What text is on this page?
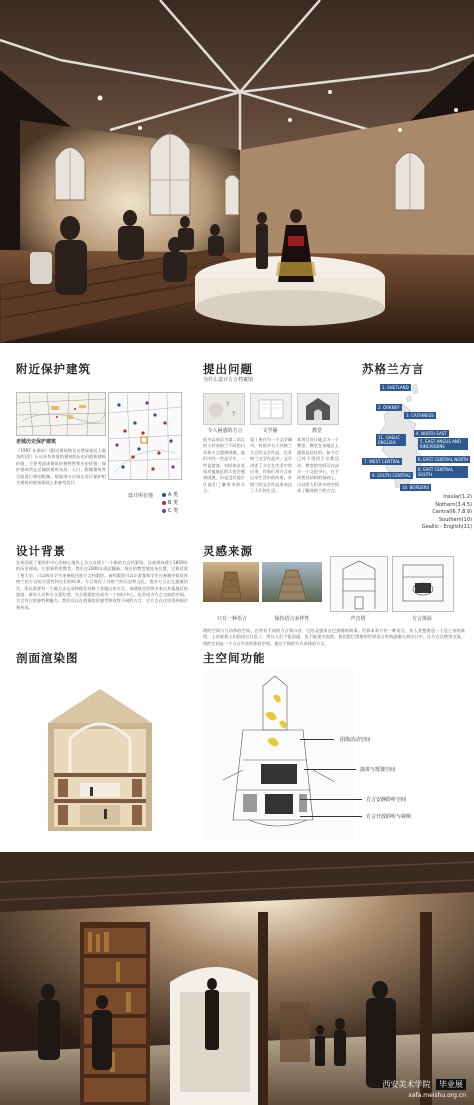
附近保护建筑
老城历史保护建筑
《1997 年颁布》(附近建筑物及自然保育区土地条约)法》认可具有价值的建筑的历史价值和建筑价值，主要考虑该建筑的独特性和历史价值，保护建筑所在区域依建筑布局、入口、附属建筑等方面进行规划限制，规划部分应该在设计保护相关建筑的规划基础上来参考设计。
设计所在地	A 类
B 类
C 类
提出问题
为什么设计方言档案馆
?
?
令人困惑的方言	文学圈	教堂
很多以英语为第二语言的人对苏格兰不同的口音和方言感到困惑。他们中的一些是学生、一些是游客。有时来自英国其他地区的人也会感到困惑。但是没有地方让他们了解更多的方言。
爱丁堡作为一个文学城市，有很多关于苏格兰方言的文学作品。在苏格兰文学作品中，文学讲述了方言在生活中的应用，作家们用方言来记录生活中的故事，苏格兰的文学作品来表达了人们的生活。
本项目设计地点为一个教堂。教堂在该地区上通常是居住的。如今它已经不再用于宗教活动，教堂的空间可以成为一个文化中心，在不改变其结构的基础上，可以给人们更多的空间来了解苏格兰的方言。
苏格兰方言
1. SHETLAND
2. ORKNEY
3. CAITHNESS
11. GAELIC ENGLISH
4. NORTH EAST
5. EAST ANGUS AND KINCARDINE
6. EAST CENTRAL NORTH
7. WEST CENTRAL
8. EAST CENTRAL SOUTH
9. SOUTH CENTRAL
10. BORDERS
Insular(1.2)
Nothern(3.4.5)
Central(6.7.8.9)
Southern(10)
Geallic - English(11)
设计背景
在英国爱丁堡的市中心的核心地块上为公众建立一个新的方言档案馆。这座建筑建于1859年的历史建筑。它重新利用教堂。然后在2000年再次翻新。现在的教堂地处该位置，它靠近爱丁堡大学，可以吸引学生来参观这座方言档案馆。该档案馆可以让游客和学生在参观中体验苏格兰的方言的丰富性和它们的故事，方言保存了苏格兰的历史和文化。很多方言正在逐渐消失，所以需要有一个地方去记录和保存苏格兰各地区的方言。该建筑也会吸引来自其他地区的游客、研究人员和方言爱好者。方言档案馆会成为一个知识中心，也会成为方言交流的空间。方言有它的独特和魅力。我们可以在档案馆里感受和欣赏不同的方言，让方言在这里得到保存和传承。
灵感来源
只有一种语言	保持语言多样性	声音塔	方言体验
塔的空间与互动体验空间。在所有不同的方言和口音，它的灵感来自巴别塔的故事。世界本来只有一种语言，但人类想建造一个达上帝的高塔，上帝就把人们的语言打乱了，所以人们不能沟通，也不能建完高塔。我们把巴别塔的世界语言的构思融入到设计中，让方言在塔里交流，塔的空间是一个方言声音的体验空间，通过不同的方式来体验方言。
剖面渲染图	主空间功能
团体活动空间
演讲与授课空间
方言安静聆听空间
方言开放聆听与视频
西安美术学院 毕业展
xafa.meishu.org.cn
